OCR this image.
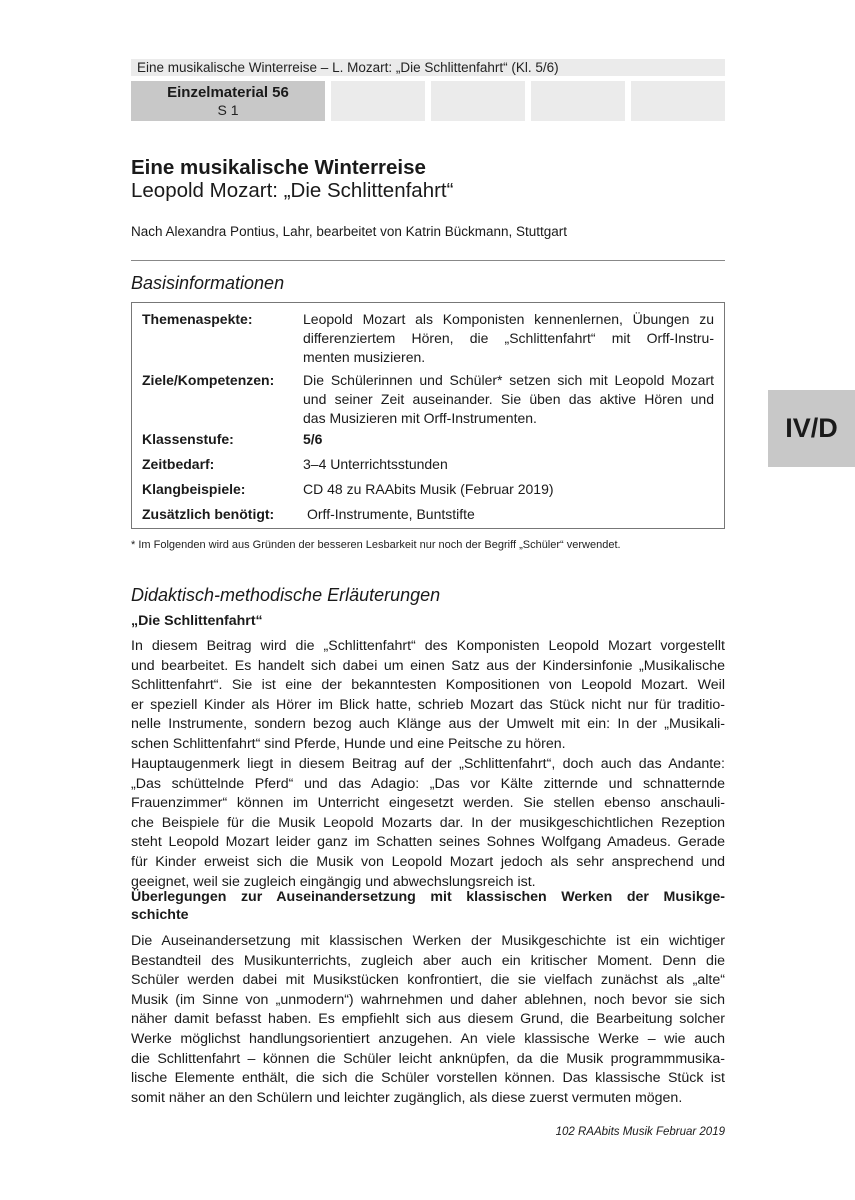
Eine musikalische Winterreise – L. Mozart: „Die Schlittenfahrt“ (Kl. 5/6)
Einzelmaterial 56
S 1
IV/D
Eine musikalische Winterreise
Leopold Mozart: „Die Schlittenfahrt“
Nach Alexandra Pontius, Lahr, bearbeitet von Katrin Bückmann, Stuttgart
Basisinformationen
Themenaspekte:	Leopold Mozart als Komponisten kennenlernen, Übungen zu
differenziertem Hören, die „Schlittenfahrt“ mit Orff-Instru-
menten musizieren.
Ziele/Kompetenzen: Die Schülerinnen und Schüler* setzen sich mit Leopold Mozart
und seiner Zeit auseinander. Sie üben das aktive Hören und
das Musizieren mit Orff-Instrumenten.
Klassenstufe:	5/6
Zeitbedarf:	3–4 Unterrichtsstunden
Klangbeispiele:	CD 48 zu RAAbits Musik (Februar 2019)
Zusätzlich benötigt: Orff-Instrumente, Buntstifte
* Im Folgenden wird aus Gründen der besseren Lesbarkeit nur noch der Begriff „Schüler“ verwendet.
Didaktisch-methodische Erläuterungen
„Die Schlittenfahrt“
In diesem Beitrag wird die „Schlittenfahrt“ des Komponisten Leopold Mozart vorgestellt
und bearbeitet. Es handelt sich dabei um einen Satz aus der Kindersinfonie „Musikalische
Schlittenfahrt“. Sie ist eine der bekanntesten Kompositionen von Leopold Mozart. Weil
er speziell Kinder als Hörer im Blick hatte, schrieb Mozart das Stück nicht nur für traditio-
nelle Instrumente, sondern bezog auch Klänge aus der Umwelt mit ein: In der „Musikali-
schen Schlittenfahrt“ sind Pferde, Hunde und eine Peitsche zu hören.
Hauptaugenmerk liegt in diesem Beitrag auf der „Schlittenfahrt“, doch auch das Andante:
„Das schüttelnde Pferd“ und das Adagio: „Das vor Kälte zitternde und schnatternde
Frauenzimmer“ können im Unterricht eingesetzt werden. Sie stellen ebenso anschauli-
che Beispiele für die Musik Leopold Mozarts dar. In der musikgeschichtlichen Rezeption
steht Leopold Mozart leider ganz im Schatten seines Sohnes Wolfgang Amadeus. Gerade
für Kinder erweist sich die Musik von Leopold Mozart jedoch als sehr ansprechend und
geeignet, weil sie zugleich eingängig und abwechslungsreich ist.
Überlegungen zur Auseinandersetzung mit klassischen Werken der Musikge-
schichte
Die Auseinandersetzung mit klassischen Werken der Musikgeschichte ist ein wichtiger
Bestandteil des Musikunterrichts, zugleich aber auch ein kritischer Moment. Denn die
Schüler werden dabei mit Musikstücken konfrontiert, die sie vielfach zunächst als „alte“
Musik (im Sinne von „unmodern“) wahrnehmen und daher ablehnen, noch bevor sie sich
näher damit befasst haben. Es empfiehlt sich aus diesem Grund, die Bearbeitung solcher
Werke möglichst handlungsorientiert anzugehen. An viele klassische Werke – wie auch
die Schlittenfahrt – können die Schüler leicht anknüpfen, da die Musik programmmusika-
lische Elemente enthält, die sich die Schüler vorstellen können. Das klassische Stück ist
somit näher an den Schülern und leichter zugänglich, als diese zuerst vermuten mögen.
102 RAAbits Musik Februar 2019
